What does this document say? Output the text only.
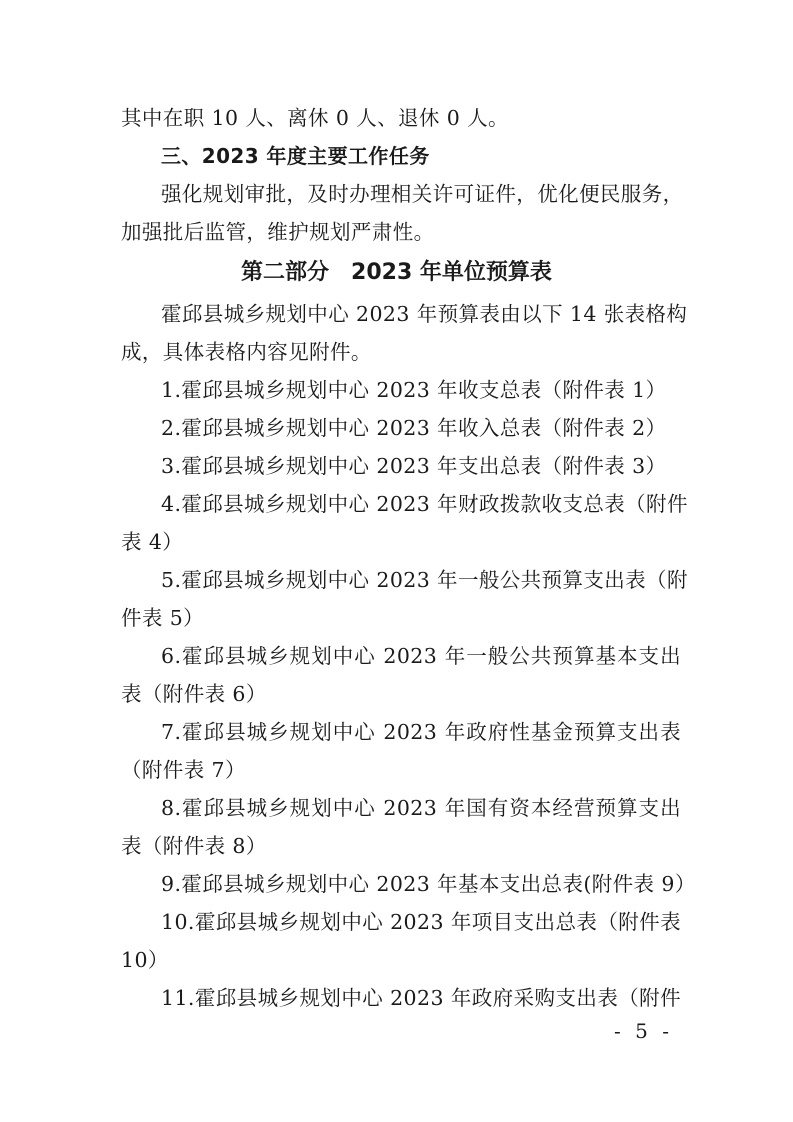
其中在职 10 人、离休 0 人、退休 0 人。
三、2023 年度主要工作任务
强化规划审批，及时办理相关许可证件，优化便民服务，
加强批后监管，维护规划严肃性。
第二部分　2023 年单位预算表
霍邱县城乡规划中心 2023 年预算表由以下 14 张表格构
成，具体表格内容见附件。
1.霍邱县城乡规划中心 2023 年收支总表（附件表 1）
2.霍邱县城乡规划中心 2023 年收入总表（附件表 2）
3.霍邱县城乡规划中心 2023 年支出总表（附件表 3）
4.霍邱县城乡规划中心 2023 年财政拨款收支总表（附件
表 4）
5.霍邱县城乡规划中心 2023 年一般公共预算支出表（附
件表 5）
6.霍邱县城乡规划中心 2023 年一般公共预算基本支出
表（附件表 6）
7.霍邱县城乡规划中心 2023 年政府性基金预算支出表
（附件表 7）
8.霍邱县城乡规划中心 2023 年国有资本经营预算支出
表（附件表 8）
9.霍邱县城乡规划中心 2023 年基本支出总表(附件表 9）
10.霍邱县城乡规划中心 2023 年项目支出总表（附件表
10）
11.霍邱县城乡规划中心 2023 年政府采购支出表（附件
- 5 -
